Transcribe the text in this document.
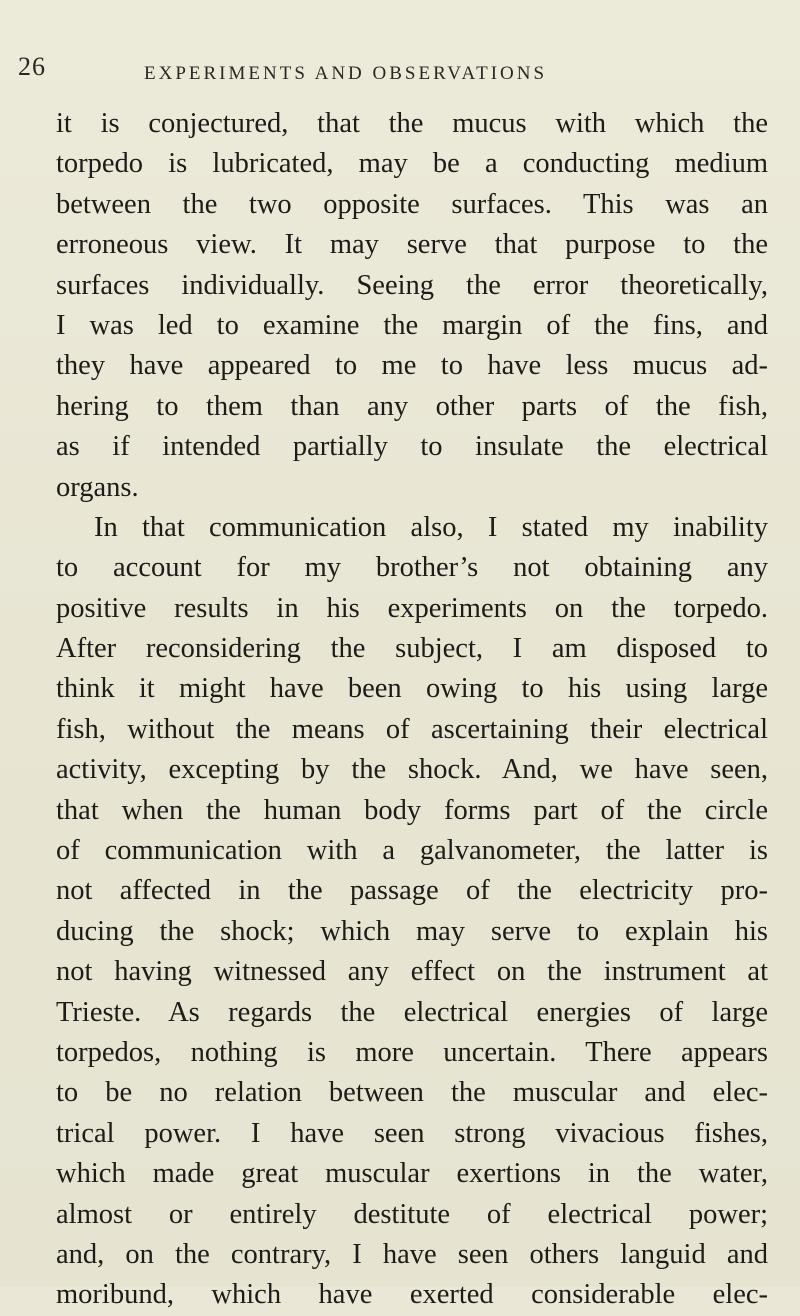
26	EXPERIMENTS AND OBSERVATIONS
it is conjectured, that the mucus with which the
torpedo is lubricated, may be a conducting medium
between the two opposite surfaces. This was an
erroneous view. It may serve that purpose to the
surfaces individually. Seeing the error theoretically,
I was led to examine the margin of the fins, and
they have appeared to me to have less mucus ad-
hering to them than any other parts of the fish,
as if intended partially to insulate the electrical
organs.
In that communication also, I stated my inability
to account for my brother’s not obtaining any
positive results in his experiments on the torpedo.
After reconsidering the subject, I am disposed to
think it might have been owing to his using large
fish, without the means of ascertaining their electrical
activity, excepting by the shock. And, we have seen,
that when the human body forms part of the circle
of communication with a galvanometer, the latter is
not affected in the passage of the electricity pro-
ducing the shock; which may serve to explain his
not having witnessed any effect on the instrument at
Trieste. As regards the electrical energies of large
torpedos, nothing is more uncertain. There appears
to be no relation between the muscular and elec-
trical power. I have seen strong vivacious fishes,
which made great muscular exertions in the water,
almost or entirely destitute of electrical power;
and, on the contrary, I have seen others languid and
moribund, which have exerted considerable elec-
